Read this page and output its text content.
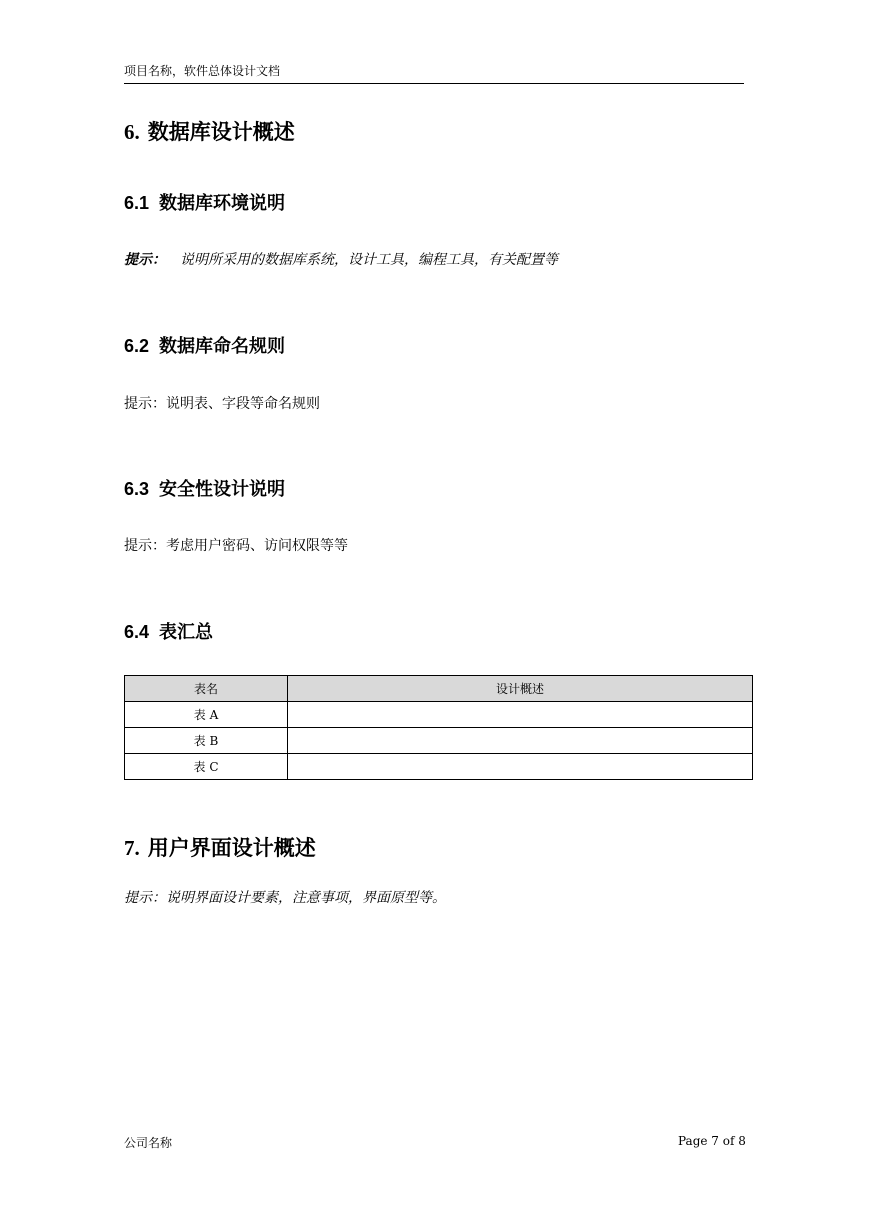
项目名称，软件总体设计文档
6. 数据库设计概述
6.1 数据库环境说明
提示： 说明所采用的数据库系统，设计工具，编程工具，有关配置等
6.2 数据库命名规则
提示：说明表、字段等命名规则
6.3 安全性设计说明
提示：考虑用户密码、访问权限等等
6.4 表汇总
表名	设计概述
表 A	
表 B	
表 C	
7. 用户界面设计概述
提示：说明界面设计要素，注意事项，界面原型等。
公司名称	Page 7 of 8
